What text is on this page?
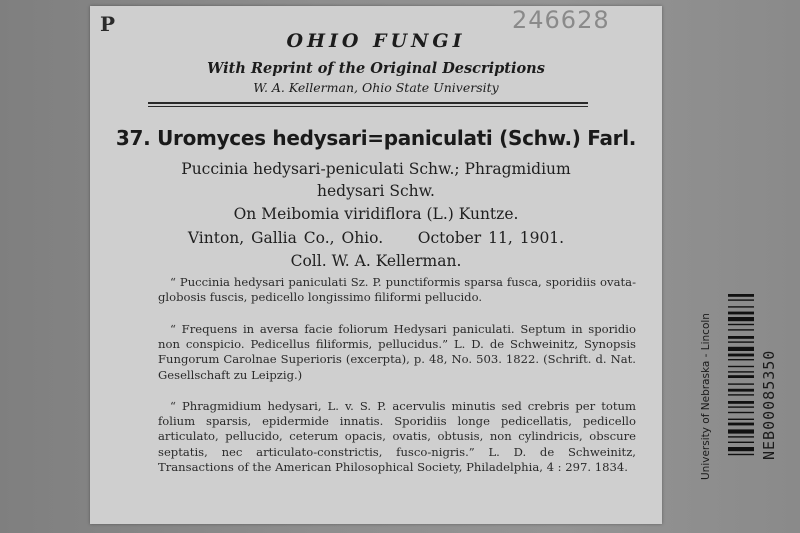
P	246628
OHIO FUNGI
With Reprint of the Original Descriptions
W. A. Kellerman, Ohio State University
37. Uromyces hedysari=paniculati (Schw.) Farl.
Puccinia hedysari-peniculati Schw.; Phragmidium
hedysari Schw.
On Meibomia viridiflora (L.) Kuntze.
Vinton, Gallia Co., Ohio.     October 11, 1901.
Coll. W. A. Kellerman.

“ Puccinia hedysari paniculati Sz. P. punctiformis sparsa fusca, sporidiis ovata-globosis fuscis, pedicello longissimo filiformi pellucido.

“ Frequens in aversa facie foliorum Hedysari paniculati. Septum in sporidio non conspicio. Pedicellus filiformis, pellucidus.” L. D. de Schweinitz, Synopsis Fungorum Carolnae Superioris (excerpta), p. 48, No. 503. 1822. (Schrift. d. Nat. Gesellschaft zu Leipzig.)

“ Phragmidium hedysari, L. v. S. P. acervulis minutis sed crebris per totum folium sparsis, epidermide innatis. Sporidiis longe pedicellatis, pedicello articulato, pellucido, ceterum opacis, ovatis, obtusis, non cylindricis, obscure septatis, nec articulato-constrictis, fusco-nigris.” L. D. de Schweinitz, Transactions of the American Philosophical Society, Philadelphia, 4 : 297. 1834.	University of Nebraska - Lincoln	NEB00085350
